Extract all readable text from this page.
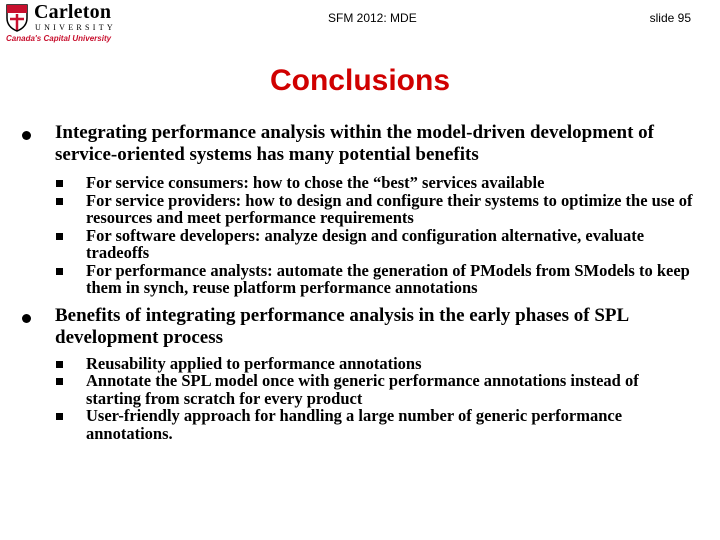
Carleton
UNIVERSITY
Canada's Capital University
SFM 2012: MDE	slide 95
Conclusions
Integrating performance analysis within the model-driven development of service-oriented systems has many potential benefits
For service consumers: how to chose the “best” services available
For service providers: how to design and configure their systems to optimize the use of resources and meet performance requirements
For software developers: analyze design and configuration alternative, evaluate tradeoffs
For performance analysts: automate the generation of PModels from SModels to keep them in synch, reuse platform performance annotations
Benefits of integrating performance analysis in the early phases of SPL development process
Reusability applied to performance annotations
Annotate the SPL model once with generic performance annotations instead of starting from scratch for every product
User-friendly approach for handling a large number of generic performance annotations.
